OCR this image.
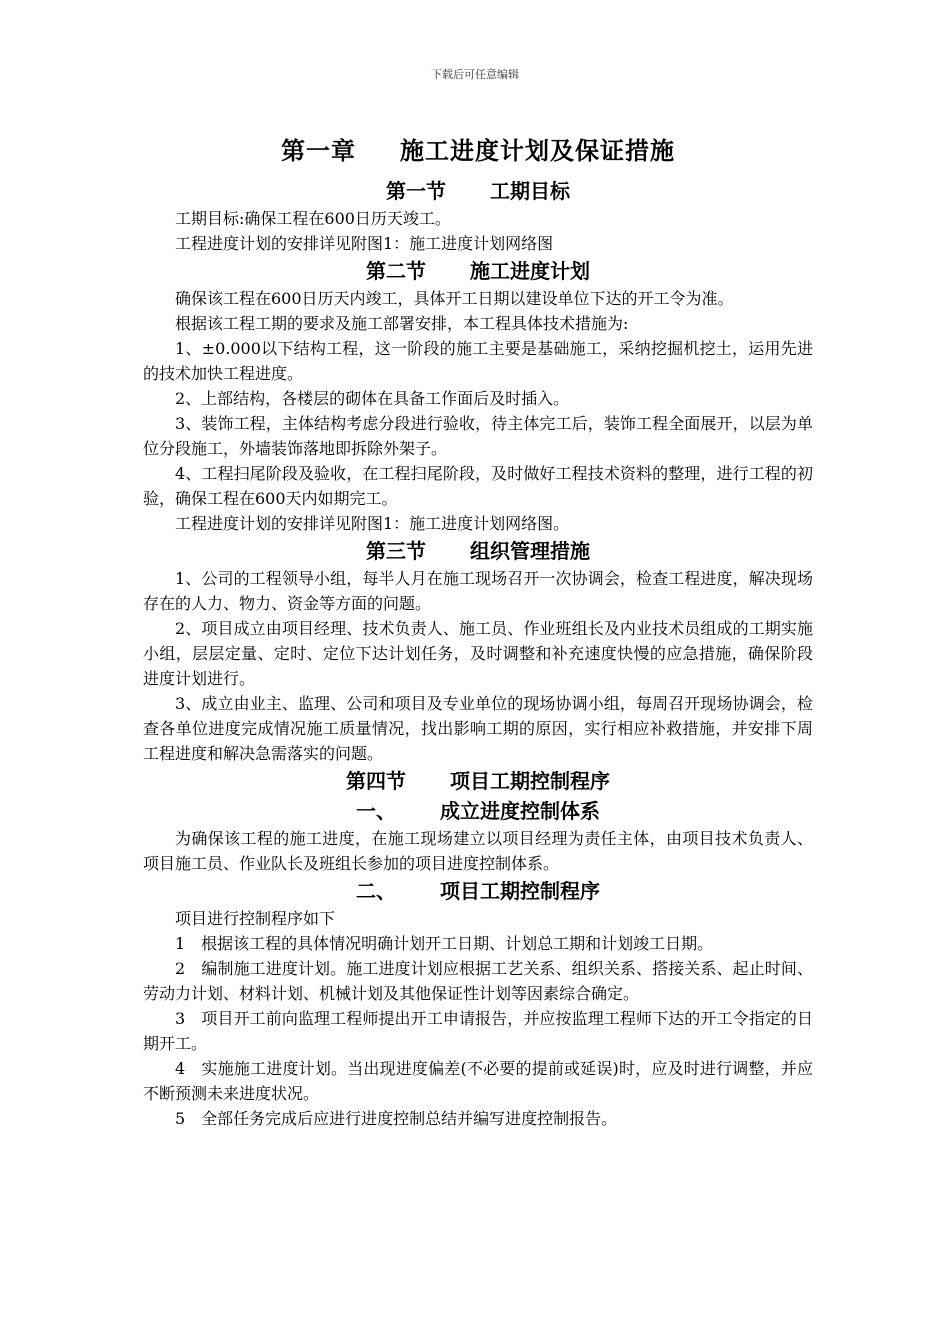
下载后可任意编辑
第一章 施工进度计划及保证措施
第一节 工期目标

工期目标:确保工程在600日历天竣工。

工程进度计划的安排详见附图1：施工进度计划网络图

第二节 施工进度计划

确保该工程在600日历天内竣工，具体开工日期以建设单位下达的开工令为准。

根据该工程工期的要求及施工部署安排，本工程具体技术措施为:

1、±0.000以下结构工程，这一阶段的施工主要是基础施工，采纳挖掘机挖土，运用先进的技术加快工程进度。

2、上部结构，各楼层的砌体在具备工作面后及时插入。

3、装饰工程，主体结构考虑分段进行验收，待主体完工后，装饰工程全面展开，以层为单位分段施工，外墙装饰落地即拆除外架子。

4、工程扫尾阶段及验收，在工程扫尾阶段，及时做好工程技术资料的整理，进行工程的初验，确保工程在600天内如期完工。

工程进度计划的安排详见附图1：施工进度计划网络图。

第三节 组织管理措施

1、公司的工程领导小组，每半人月在施工现场召开一次协调会，检查工程进度，解决现场存在的人力、物力、资金等方面的问题。

2、项目成立由项目经理、技术负责人、施工员、作业班组长及内业技术员组成的工期实施小组，层层定量、定时、定位下达计划任务，及时调整和补充速度快慢的应急措施，确保阶段进度计划进行。

3、成立由业主、监理、公司和项目及专业单位的现场协调小组，每周召开现场协调会，检查各单位进度完成情况施工质量情况，找出影响工期的原因，实行相应补救措施，并安排下周工程进度和解决急需落实的问题。

第四节 项目工期控制程序
一、 成立进度控制体系

为确保该工程的施工进度，在施工现场建立以项目经理为责任主体，由项目技术负责人、项目施工员、作业队长及班组长参加的项目进度控制体系。

二、 项目工期控制程序

项目进行控制程序如下

1　根据该工程的具体情况明确计划开工日期、计划总工期和计划竣工日期。

2　编制施工进度计划。施工进度计划应根据工艺关系、组织关系、搭接关系、起止时间、劳动力计划、材料计划、机械计划及其他保证性计划等因素综合确定。

3　项目开工前向监理工程师提出开工申请报告，并应按监理工程师下达的开工令指定的日期开工。

4　实施施工进度计划。当出现进度偏差(不必要的提前或延误)时，应及时进行调整，并应不断预测未来进度状况。

5　全部任务完成后应进行进度控制总结并编写进度控制报告。
